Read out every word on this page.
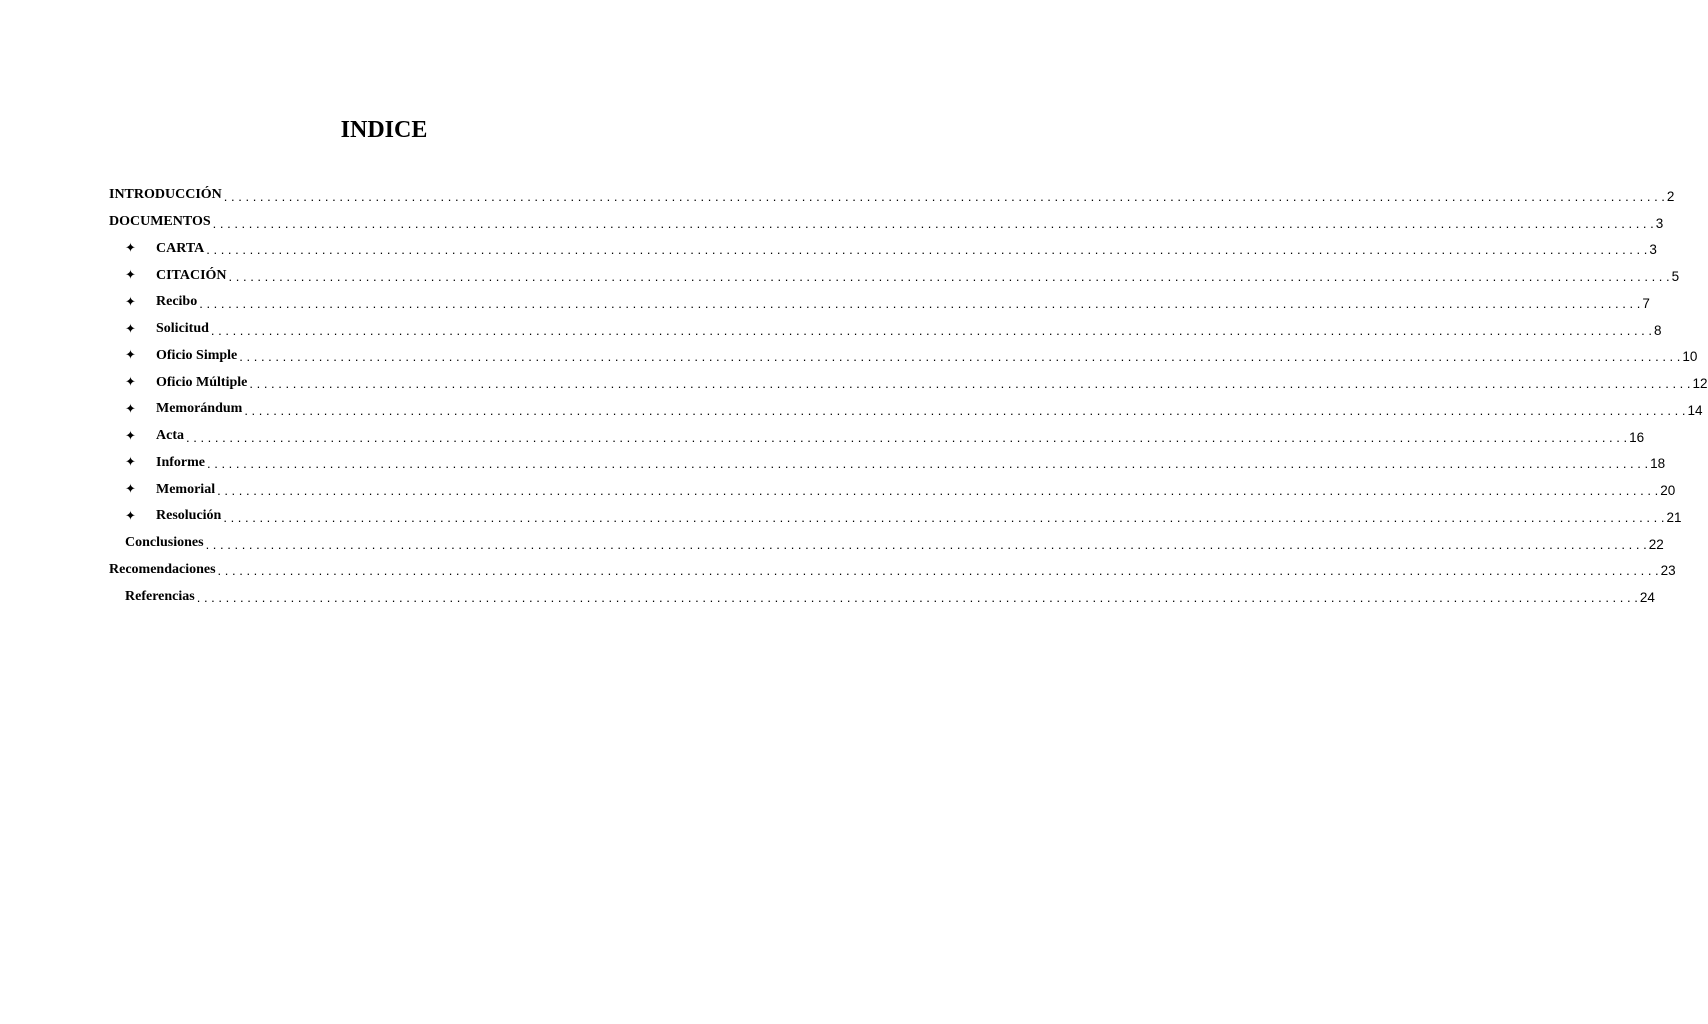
INDICE
INTRODUCCIÓN . . . . . . . . . . . . . . . . . . . . . . . . . . . . . . . . . . . . . . . . . . . . . . . . . . . . . . . . . . . . . . . . . . . . . . . . . . . . . . . . . . . . . . . . . . . . . . . . . . . . . . . . . . . . . . . . . . . . . . . . . . . . . . . . . . . . . . . . . . . . . . . . . . . . . . . . . . . . . . . . . . . . . . . . . . . . . . . . . . . . . . . . . . . . . . . . . . . . . . . . 2
DOCUMENTOS . . . . . . . . . . . . . . . . . . . . . . . . . . . . . . . . . . . . . . . . . . . . . . . . . . . . . . . . . . . . . . . . . . . . . . . . . . . . . . . . . . . . . . . . . . . . . . . . . . . . . . . . . . . . . . . . . . . . . . . . . . . . . . . . . . . . . . . . . . . . . . . . . . . . . . . . . . . . . . . . . . . . . . . . . . . . . . . . . . . . . . . . . . . . . . . . . . . . . . . . 3
✦	CARTA . . . . . . . . . . . . . . . . . . . . . . . . . . . . . . . . . . . . . . . . . . . . . . . . . . . . . . . . . . . . . . . . . . . . . . . . . . . . . . . . . . . . . . . . . . . . . . . . . . . . . . . . . . . . . . . . . . . . . . . . . . . . . . . . . . . . . . . . . . . . . . . . . . . . . . . . . . . . . . . . . . . . . . . . . . . . . . . . . . . . . . . . . . . . . . . . . . . . . . . . 3
✦	CITACIÓN . . . . . . . . . . . . . . . . . . . . . . . . . . . . . . . . . . . . . . . . . . . . . . . . . . . . . . . . . . . . . . . . . . . . . . . . . . . . . . . . . . . . . . . . . . . . . . . . . . . . . . . . . . . . . . . . . . . . . . . . . . . . . . . . . . . . . . . . . . . . . . . . . . . . . . . . . . . . . . . . . . . . . . . . . . . . . . . . . . . . . . . . . . . . . . . . . . . . . . . . 5
✦	Recibo . . . . . . . . . . . . . . . . . . . . . . . . . . . . . . . . . . . . . . . . . . . . . . . . . . . . . . . . . . . . . . . . . . . . . . . . . . . . . . . . . . . . . . . . . . . . . . . . . . . . . . . . . . . . . . . . . . . . . . . . . . . . . . . . . . . . . . . . . . . . . . . . . . . . . . . . . . . . . . . . . . . . . . . . . . . . . . . . . . . . . . . . . . . . . . . . . . . . . . . . 7
✦	Solicitud . . . . . . . . . . . . . . . . . . . . . . . . . . . . . . . . . . . . . . . . . . . . . . . . . . . . . . . . . . . . . . . . . . . . . . . . . . . . . . . . . . . . . . . . . . . . . . . . . . . . . . . . . . . . . . . . . . . . . . . . . . . . . . . . . . . . . . . . . . . . . . . . . . . . . . . . . . . . . . . . . . . . . . . . . . . . . . . . . . . . . . . . . . . . . . . . . . . . . . . . 8
✦	Oficio Simple . . . . . . . . . . . . . . . . . . . . . . . . . . . . . . . . . . . . . . . . . . . . . . . . . . . . . . . . . . . . . . . . . . . . . . . . . . . . . . . . . . . . . . . . . . . . . . . . . . . . . . . . . . . . . . . . . . . . . . . . . . . . . . . . . . . . . . . . . . . . . . . . . . . . . . . . . . . . . . . . . . . . . . . . . . . . . . . . . . . . . . . . . . . . . . . . . . . . . . . . 10
✦	Oficio Múltiple . . . . . . . . . . . . . . . . . . . . . . . . . . . . . . . . . . . . . . . . . . . . . . . . . . . . . . . . . . . . . . . . . . . . . . . . . . . . . . . . . . . . . . . . . . . . . . . . . . . . . . . . . . . . . . . . . . . . . . . . . . . . . . . . . . . . . . . . . . . . . . . . . . . . . . . . . . . . . . . . . . . . . . . . . . . . . . . . . . . . . . . . . . . . . . . . . . . . . . . . 12
✦	Memorándum . . . . . . . . . . . . . . . . . . . . . . . . . . . . . . . . . . . . . . . . . . . . . . . . . . . . . . . . . . . . . . . . . . . . . . . . . . . . . . . . . . . . . . . . . . . . . . . . . . . . . . . . . . . . . . . . . . . . . . . . . . . . . . . . . . . . . . . . . . . . . . . . . . . . . . . . . . . . . . . . . . . . . . . . . . . . . . . . . . . . . . . . . . . . . . . . . . . . . . . . 14
✦	Acta . . . . . . . . . . . . . . . . . . . . . . . . . . . . . . . . . . . . . . . . . . . . . . . . . . . . . . . . . . . . . . . . . . . . . . . . . . . . . . . . . . . . . . . . . . . . . . . . . . . . . . . . . . . . . . . . . . . . . . . . . . . . . . . . . . . . . . . . . . . . . . . . . . . . . . . . . . . . . . . . . . . . . . . . . . . . . . . . . . . . . . . . . . . . . . . . . . . . . . . . 16
✦	Informe . . . . . . . . . . . . . . . . . . . . . . . . . . . . . . . . . . . . . . . . . . . . . . . . . . . . . . . . . . . . . . . . . . . . . . . . . . . . . . . . . . . . . . . . . . . . . . . . . . . . . . . . . . . . . . . . . . . . . . . . . . . . . . . . . . . . . . . . . . . . . . . . . . . . . . . . . . . . . . . . . . . . . . . . . . . . . . . . . . . . . . . . . . . . . . . . . . . . . . . . 18
✦	Memorial . . . . . . . . . . . . . . . . . . . . . . . . . . . . . . . . . . . . . . . . . . . . . . . . . . . . . . . . . . . . . . . . . . . . . . . . . . . . . . . . . . . . . . . . . . . . . . . . . . . . . . . . . . . . . . . . . . . . . . . . . . . . . . . . . . . . . . . . . . . . . . . . . . . . . . . . . . . . . . . . . . . . . . . . . . . . . . . . . . . . . . . . . . . . . . . . . . . . . . . . 20
✦	Resolución . . . . . . . . . . . . . . . . . . . . . . . . . . . . . . . . . . . . . . . . . . . . . . . . . . . . . . . . . . . . . . . . . . . . . . . . . . . . . . . . . . . . . . . . . . . . . . . . . . . . . . . . . . . . . . . . . . . . . . . . . . . . . . . . . . . . . . . . . . . . . . . . . . . . . . . . . . . . . . . . . . . . . . . . . . . . . . . . . . . . . . . . . . . . . . . . . . . . . . . . 21
Conclusiones . . . . . . . . . . . . . . . . . . . . . . . . . . . . . . . . . . . . . . . . . . . . . . . . . . . . . . . . . . . . . . . . . . . . . . . . . . . . . . . . . . . . . . . . . . . . . . . . . . . . . . . . . . . . . . . . . . . . . . . . . . . . . . . . . . . . . . . . . . . . . . . . . . . . . . . . . . . . . . . . . . . . . . . . . . . . . . . . . . . . . . . . . . . . . . . . . . . . . . . . 22
Recomendaciones . . . . . . . . . . . . . . . . . . . . . . . . . . . . . . . . . . . . . . . . . . . . . . . . . . . . . . . . . . . . . . . . . . . . . . . . . . . . . . . . . . . . . . . . . . . . . . . . . . . . . . . . . . . . . . . . . . . . . . . . . . . . . . . . . . . . . . . . . . . . . . . . . . . . . . . . . . . . . . . . . . . . . . . . . . . . . . . . . . . . . . . . . . . . . . . . . . . . . . . . 23
Referencias . . . . . . . . . . . . . . . . . . . . . . . . . . . . . . . . . . . . . . . . . . . . . . . . . . . . . . . . . . . . . . . . . . . . . . . . . . . . . . . . . . . . . . . . . . . . . . . . . . . . . . . . . . . . . . . . . . . . . . . . . . . . . . . . . . . . . . . . . . . . . . . . . . . . . . . . . . . . . . . . . . . . . . . . . . . . . . . . . . . . . . . . . . . . . . . . . . . . . . . . 24
